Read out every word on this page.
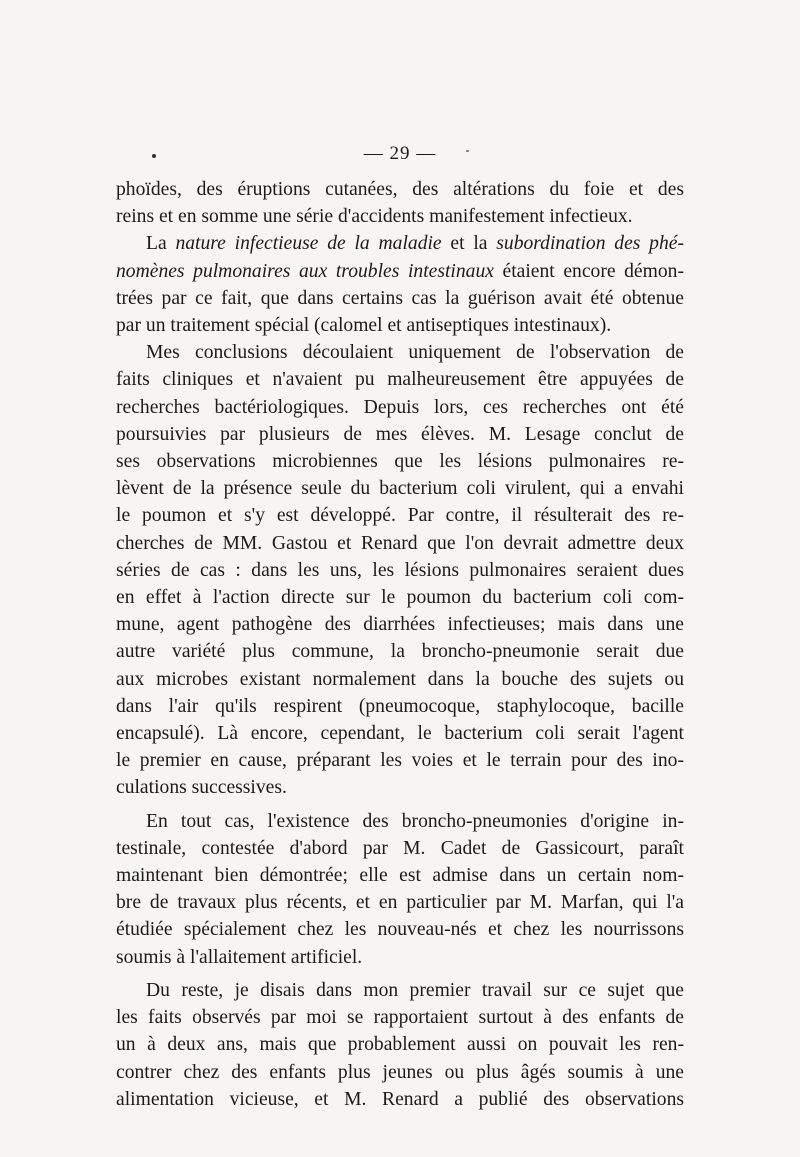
— 29 —
phoïdes, des éruptions cutanées, des altérations du foie et des
reins et en somme une série d'accidents manifestement infectieux.
La nature infectieuse de la maladie et la subordination des phé-
nomènes pulmonaires aux troubles intestinaux étaient encore démon-
trées par ce fait, que dans certains cas la guérison avait été obtenue
par un traitement spécial (calomel et antiseptiques intestinaux).
Mes conclusions découlaient uniquement de l'observation de
faits cliniques et n'avaient pu malheureusement être appuyées de
recherches bactériologiques. Depuis lors, ces recherches ont été
poursuivies par plusieurs de mes élèves. M. Lesage conclut de
ses observations microbiennes que les lésions pulmonaires re-
lèvent de la présence seule du bacterium coli virulent, qui a envahi
le poumon et s'y est développé. Par contre, il résulterait des re-
cherches de MM. Gastou et Renard que l'on devrait admettre deux
séries de cas : dans les uns, les lésions pulmonaires seraient dues
en effet à l'action directe sur le poumon du bacterium coli com-
mune, agent pathogène des diarrhées infectieuses; mais dans une
autre variété plus commune, la broncho-pneumonie serait due
aux microbes existant normalement dans la bouche des sujets ou
dans l'air qu'ils respirent (pneumocoque, staphylocoque, bacille
encapsulé). Là encore, cependant, le bacterium coli serait l'agent
le premier en cause, préparant les voies et le terrain pour des ino-
culations successives.
En tout cas, l'existence des broncho-pneumonies d'origine in-
testinale, contestée d'abord par M. Cadet de Gassicourt, paraît
maintenant bien démontrée; elle est admise dans un certain nom-
bre de travaux plus récents, et en particulier par M. Marfan, qui l'a
étudiée spécialement chez les nouveau-nés et chez les nourrissons
soumis à l'allaitement artificiel.
Du reste, je disais dans mon premier travail sur ce sujet que
les faits observés par moi se rapportaient surtout à des enfants de
un à deux ans, mais que probablement aussi on pouvait les ren-
contrer chez des enfants plus jeunes ou plus âgés soumis à une
alimentation vicieuse, et M. Renard a publié des observations
